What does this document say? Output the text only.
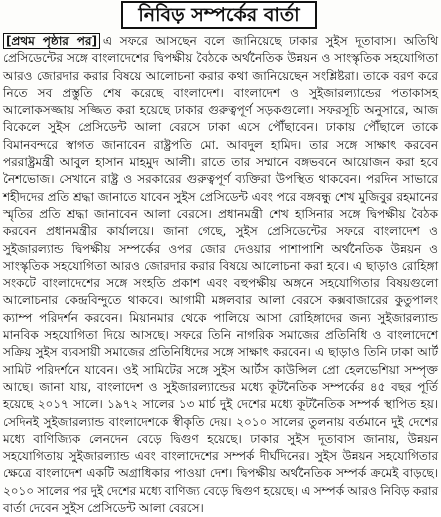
নিবিড় সম্পর্কের বার্তা
[প্রথম পৃষ্ঠার পর] এ সফরে আসছেন বলে জানিয়েছে ঢাকার সুইস দূতাবাস। অতিথি প্রেসিডেন্টের সঙ্গে বাংলাদেশের দ্বিপক্ষীয় বৈঠকে অর্থনৈতিক উন্নয়ন ও সাংস্কৃতিক সহযোগিতা আরও জোরদার করার বিষয়ে আলোচনা করার কথা জানিয়েছেন সংশ্লিষ্টরা। তাকে বরণ করে নিতে সব প্রস্তুতি শেষ করেছে বাংলাদেশ। বাংলাদেশ ও সুইজারল্যান্ডের পতাকাসহ আলোকসজ্জায় সজ্জিত করা হয়েছে ঢাকার গুরুত্বপূর্ণ সড়কগুলো। সফরসূচি অনুসারে, আজ বিকেলে সুইস প্রেসিডেন্ট আলা বেরসে ঢাকা এসে পৌঁছাবেন। ঢাকায় পৌঁছালে তাকে বিমানবন্দরে স্বাগত জানাবেন রাষ্ট্রপতি মো. আবদুল হামিদ। তার সঙ্গে সাক্ষাৎ করবেন পররাষ্ট্রমন্ত্রী আবুল হাসান মাহমুদ আলী। রাতে তার সম্মানে বঙ্গভবনে আয়োজন করা হবে নৈশভোজ। সেখানে রাষ্ট্র ও সরকারের গুরুত্বপূর্ণ ব্যক্তিরা উপস্থিত থাকবেন। পরদিন সাভারে শহীদদের প্রতি শ্রদ্ধা জানাতে যাবেন সুইস প্রেসিডেন্ট এবং পরে বঙ্গবন্ধু শেখ মুজিবুর রহমানের স্মৃতির প্রতি শ্রদ্ধা জানাবেন আলা বেরসে। প্রধানমন্ত্রী শেখ হাসিনার সঙ্গে দ্বিপক্ষীয় বৈঠক করবেন প্রধানমন্ত্রীর কার্যালয়ে। জানা গেছে, সুইস প্রেসিডেন্টের সফরে বাংলাদেশ ও সুইজারল্যান্ড দ্বিপক্ষীয় সম্পর্কের ওপর জোর দেওয়ার পাশাপাশি অর্থনৈতিক উন্নয়ন ও সাংস্কৃতিক সহযোগিতা আরও জোরদার করার বিষয়ে আলোচনা করা হবে। এ ছাড়াও রোহিঙ্গা সংকটে বাংলাদেশের সঙ্গে সংহতি প্রকাশ এবং বহুপক্ষীয় অঙ্গনে সহযোগিতার বিষয়গুলো আলোচনার কেন্দ্রবিন্দুতে থাকবে। আগামী মঙ্গলবার আলা বেরসে কক্সবাজারের কুতুপালং ক্যাম্প পরিদর্শন করবেন। মিয়ানমার থেকে পালিয়ে আসা রোহিঙ্গাদের জন্য সুইজারল্যান্ড মানবিক সহযোগিতা দিয়ে আসছে। সফরে তিনি নাগরিক সমাজের প্রতিনিধি ও বাংলাদেশে সক্রিয় সুইস ব্যবসায়ী সমাজের প্রতিনিধিদের সঙ্গে সাক্ষাৎ করবেন। এ ছাড়াও তিনি ঢাকা আর্ট সামিট পরিদর্শনে যাবেন। ওই সামিটের সঙ্গে সুইস আর্টস কাউন্সিল প্রো হেলভেশিয়া সম্পৃক্ত আছে। জানা যায়, বাংলাদেশ ও সুইজারল্যান্ডের মধ্যে কূটনৈতিক সম্পর্কের ৪৫ বছর পূর্তি হয়েছে ২০১৭ সালে। ১৯৭২ সালের ১৩ মার্চ দুই দেশের মধ্যে কূটনৈতিক সম্পর্ক স্থাপিত হয়। সেদিনই সুইজারল্যান্ড বাংলাদেশকে স্বীকৃতি দেয়। ২০১০ সালের তুলনায় বর্তমানে দুই দেশের মধ্যে বাণিজ্যিক লেনদেন বেড়ে দ্বিগুণ হয়েছে। ঢাকার সুইস দূতাবাস জানায়, উন্নয়ন সহযোগিতায় সুইজারল্যান্ড এবং বাংলাদেশের সম্পর্ক দীর্ঘদিনের। সুইস উন্নয়ন সহযোগিতার ক্ষেত্রে বাংলাদেশ একটি অগ্রাধিকার পাওয়া দেশ। দ্বিপক্ষীয় অর্থনৈতিক সম্পর্ক ক্রমেই বাড়ছে। ২০১০ সালের পর দুই দেশের মধ্যে বাণিজ্য বেড়ে দ্বিগুণ হয়েছে। এ সম্পর্ক আরও নিবিড় করার বার্তা দেবেন সুইস প্রেসিডেন্ট আলা বেরসে।
